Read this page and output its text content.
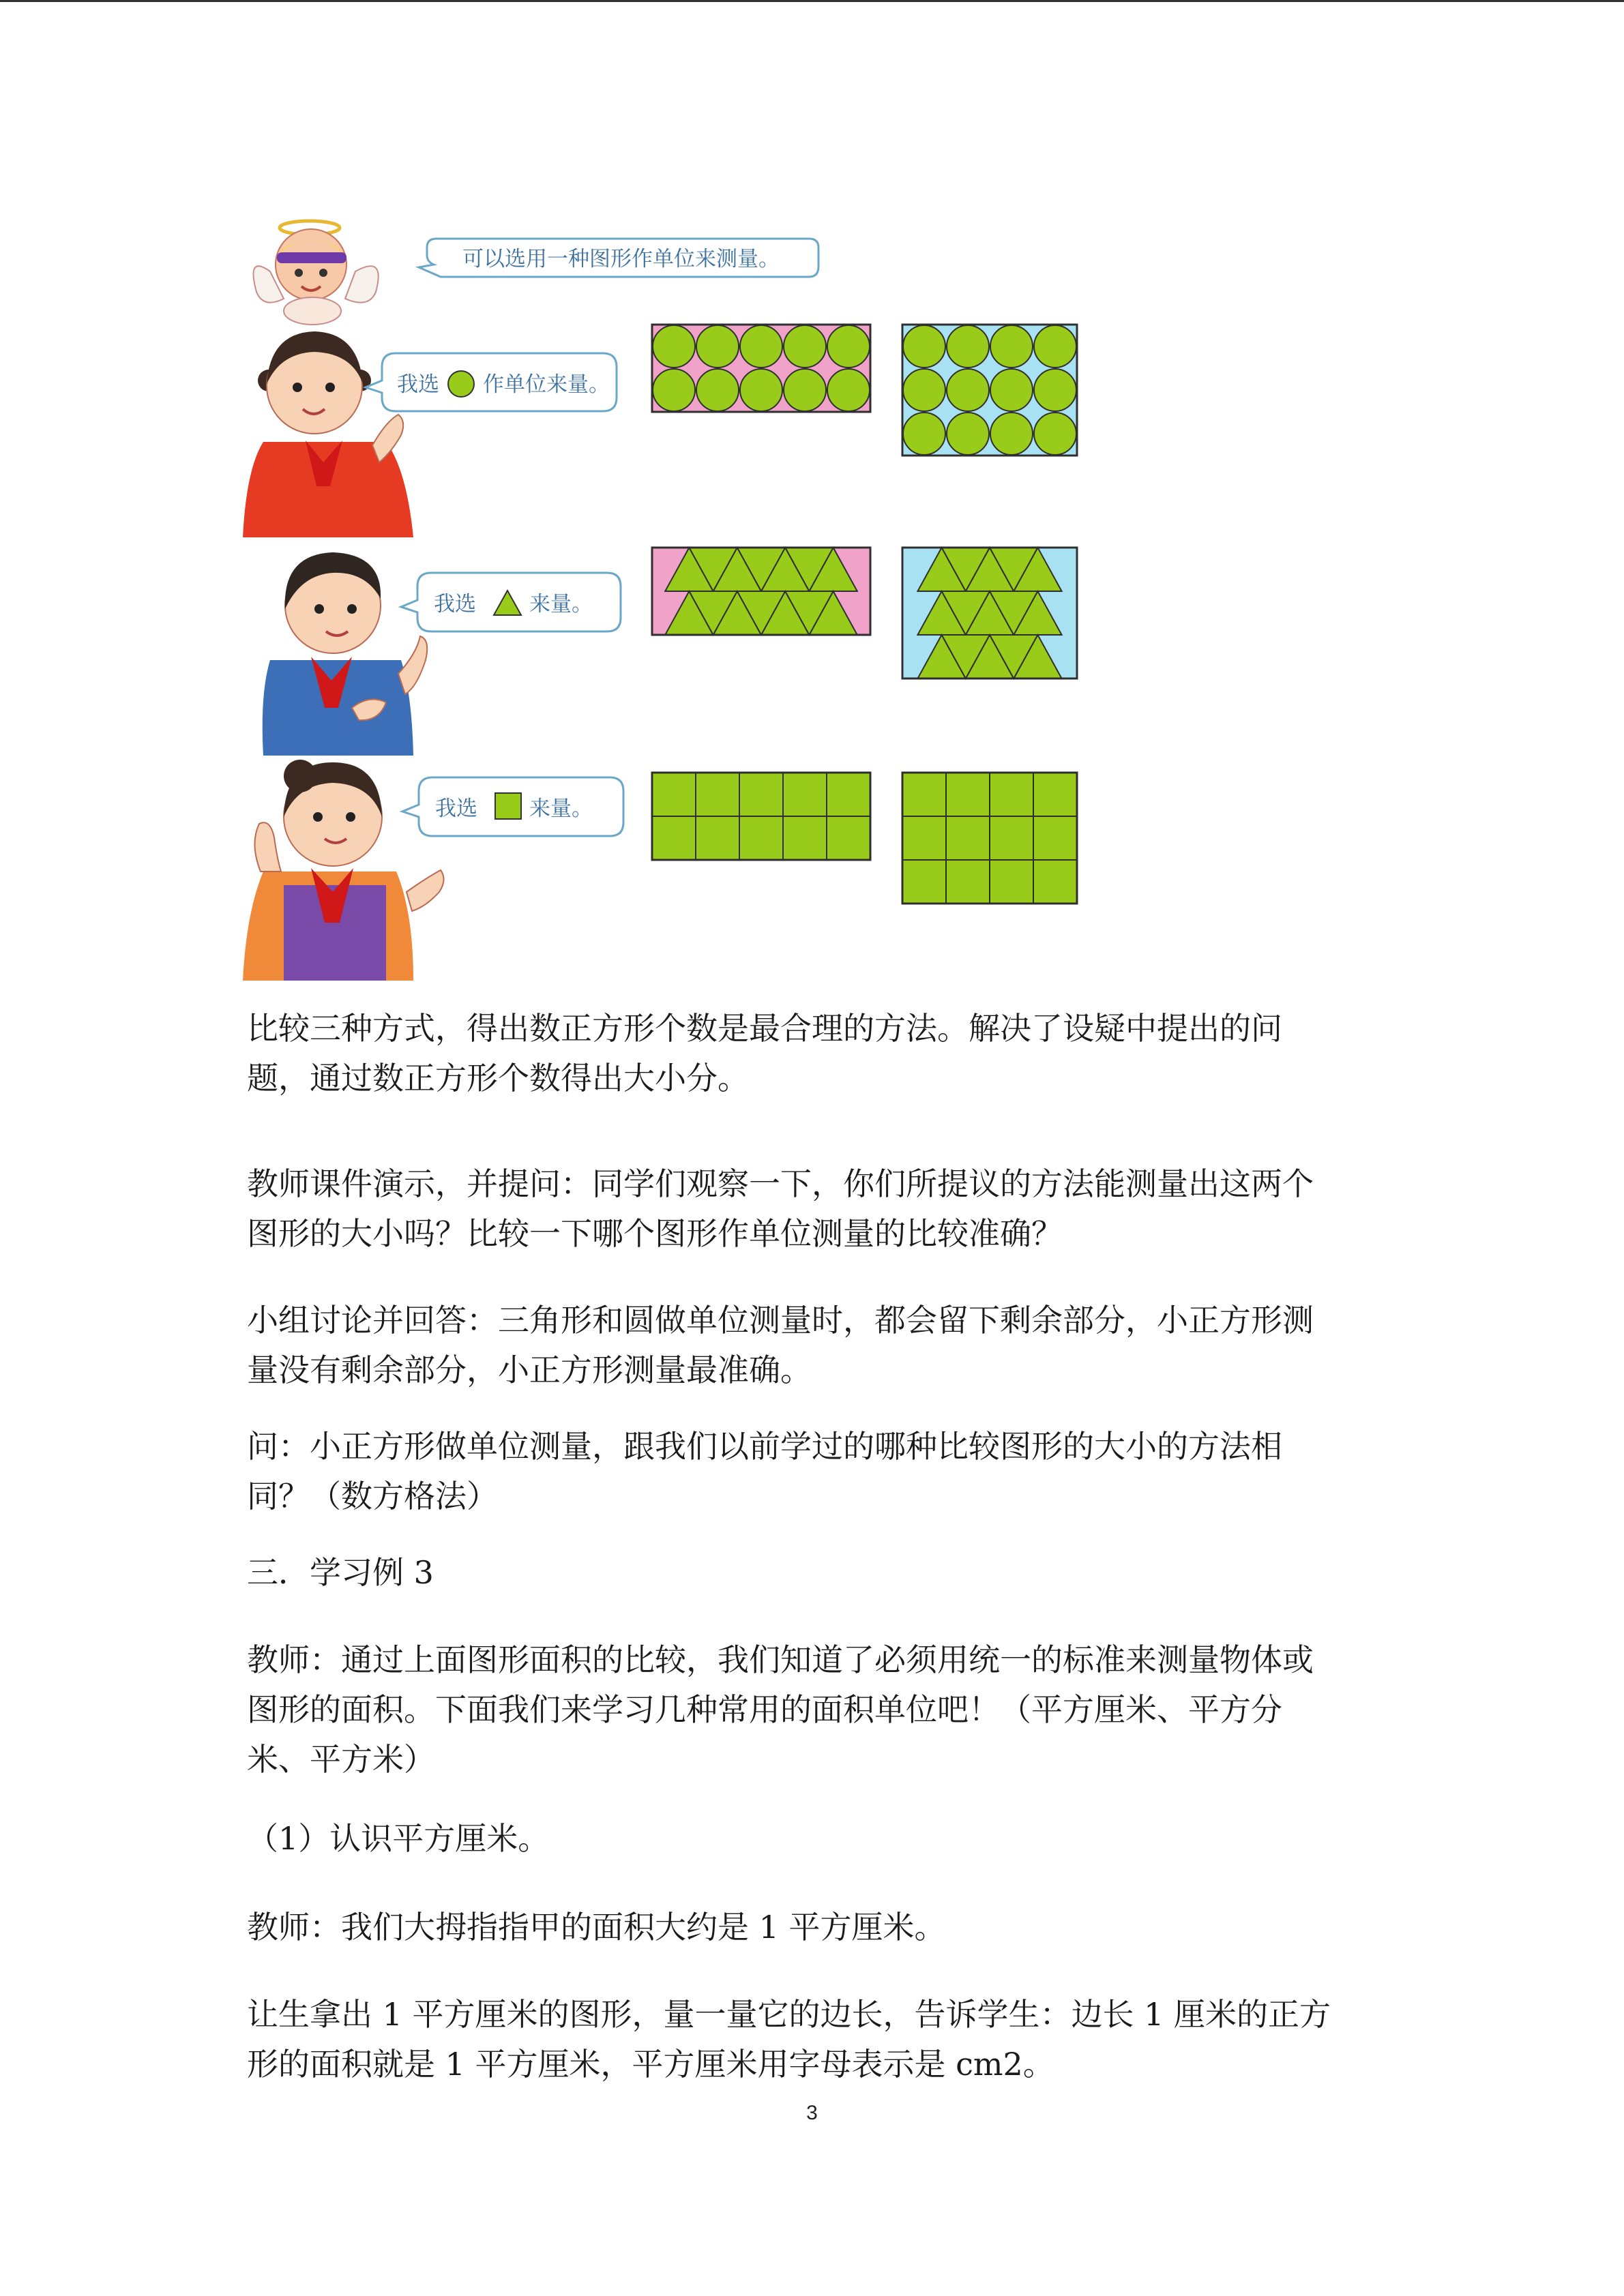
可以选用一种图形作单位来测量。
我选 作单位来量。
我选	来量。
我选 来量。

比较三种方式，得出数正方形个数是最合理的方法。解决了设疑中提出的问
题，通过数正方形个数得出大小分。

教师课件演示，并提问：同学们观察一下，你们所提议的方法能测量出这两个
图形的大小吗？比较一下哪个图形作单位测量的比较准确？

小组讨论并回答：三角形和圆做单位测量时，都会留下剩余部分，小正方形测
量没有剩余部分，小正方形测量最准确。

问：小正方形做单位测量，跟我们以前学过的哪种比较图形的大小的方法相
同？（数方格法）

三．学习例 3

教师：通过上面图形面积的比较，我们知道了必须用统一的标准来测量物体或
图形的面积。下面我们来学习几种常用的面积单位吧！（平方厘米、平方分
米、平方米）

（1）认识平方厘米。

教师：我们大拇指指甲的面积大约是 1 平方厘米。

让生拿出 1 平方厘米的图形，量一量它的边长，告诉学生：边长 1 厘米的正方
形的面积就是 1 平方厘米，平方厘米用字母表示是 cm2。

3
